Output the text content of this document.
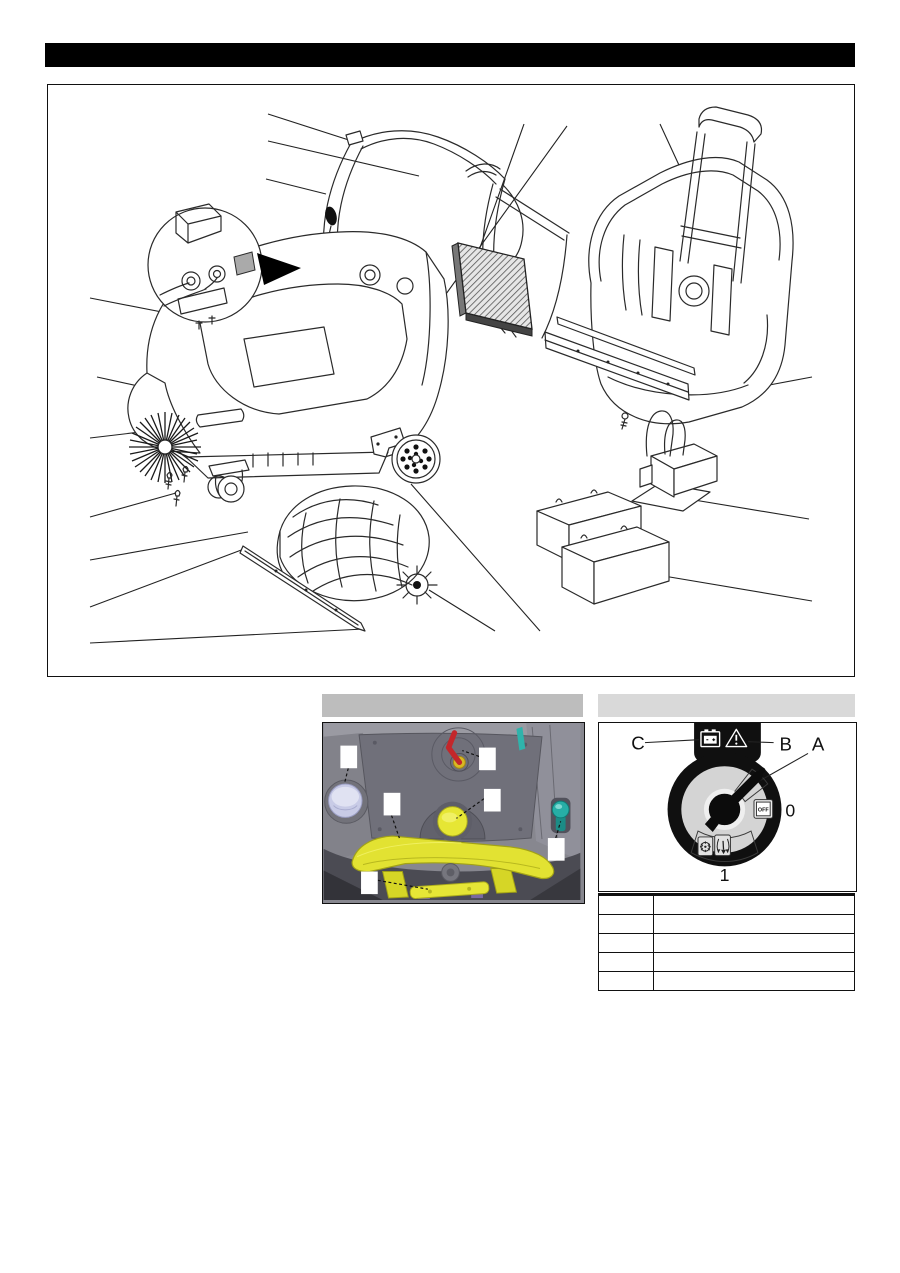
C	B A
OFF 0
1
